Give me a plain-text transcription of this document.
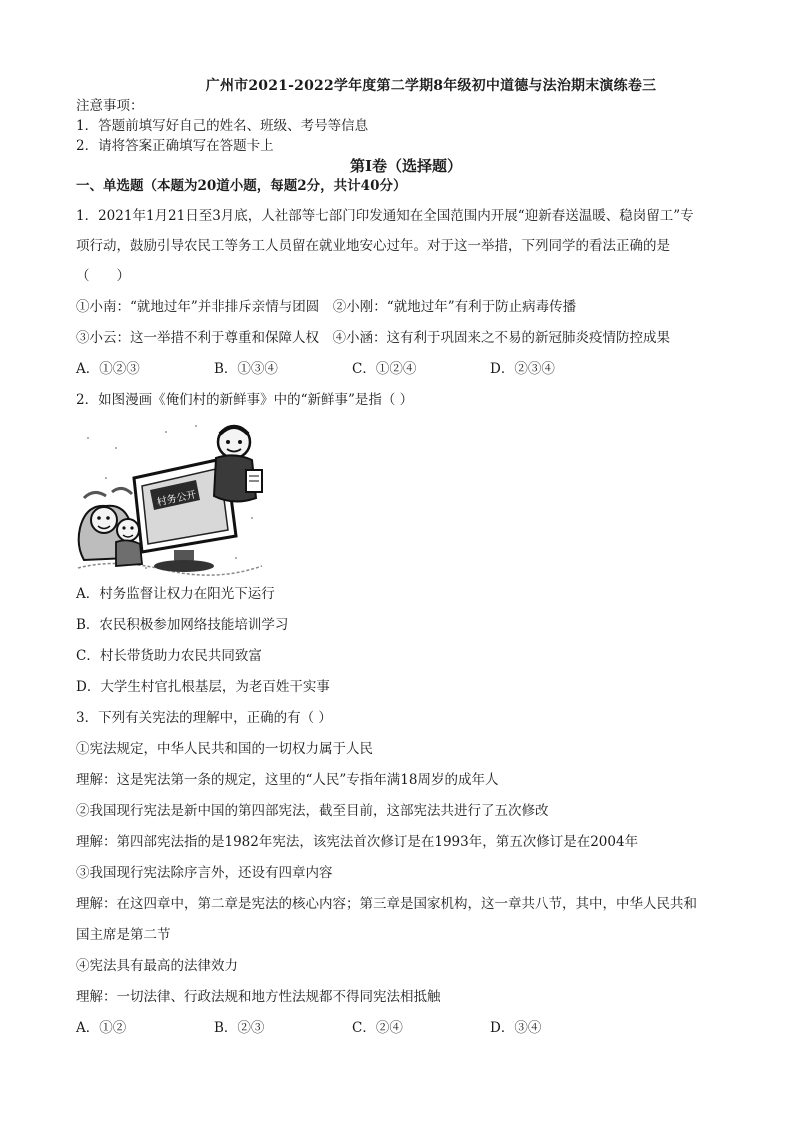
广州市2021-2022学年度第二学期8年级初中道德与法治期末演练卷三
注意事项：
1．答题前填写好自己的姓名、班级、考号等信息
2．请将答案正确填写在答题卡上
第I卷（选择题）
一、单选题（本题为20道小题，每题2分，共计40分）
1．2021年1月21日至3月底，人社部等七部门印发通知在全国范围内开展“迎新春送温暖、稳岗留工”专
项行动，鼓励引导农民工等务工人员留在就业地安心过年。对于这一举措，下列同学的看法正确的是
（　　）
①小南：“就地过年”并非排斥亲情与团圆　②小刚：“就地过年”有利于防止病毒传播
③小云：这一举措不利于尊重和保障人权　④小涵：这有利于巩固来之不易的新冠肺炎疫情防控成果
A．①②③	B．①③④	C．①②④	D．②③④
2．如图漫画《俺们村的新鲜事》中的“新鲜事”是指（ ）
村务公开
A．村务监督让权力在阳光下运行
B．农民积极参加网络技能培训学习
C．村长带货助力农民共同致富
D．大学生村官扎根基层，为老百姓干实事
3．下列有关宪法的理解中，正确的有（ ）
①宪法规定，中华人民共和国的一切权力属于人民
理解：这是宪法第一条的规定，这里的“人民”专指年满18周岁的成年人
②我国现行宪法是新中国的第四部宪法，截至目前，这部宪法共进行了五次修改
理解：第四部宪法指的是1982年宪法，该宪法首次修订是在1993年，第五次修订是在2004年
③我国现行宪法除序言外，还设有四章内容
理解：在这四章中，第二章是宪法的核心内容；第三章是国家机构，这一章共八节，其中，中华人民共和
国主席是第二节
④宪法具有最高的法律效力
理解：一切法律、行政法规和地方性法规都不得同宪法相抵触
A．①②	B．②③	C．②④	D．③④
